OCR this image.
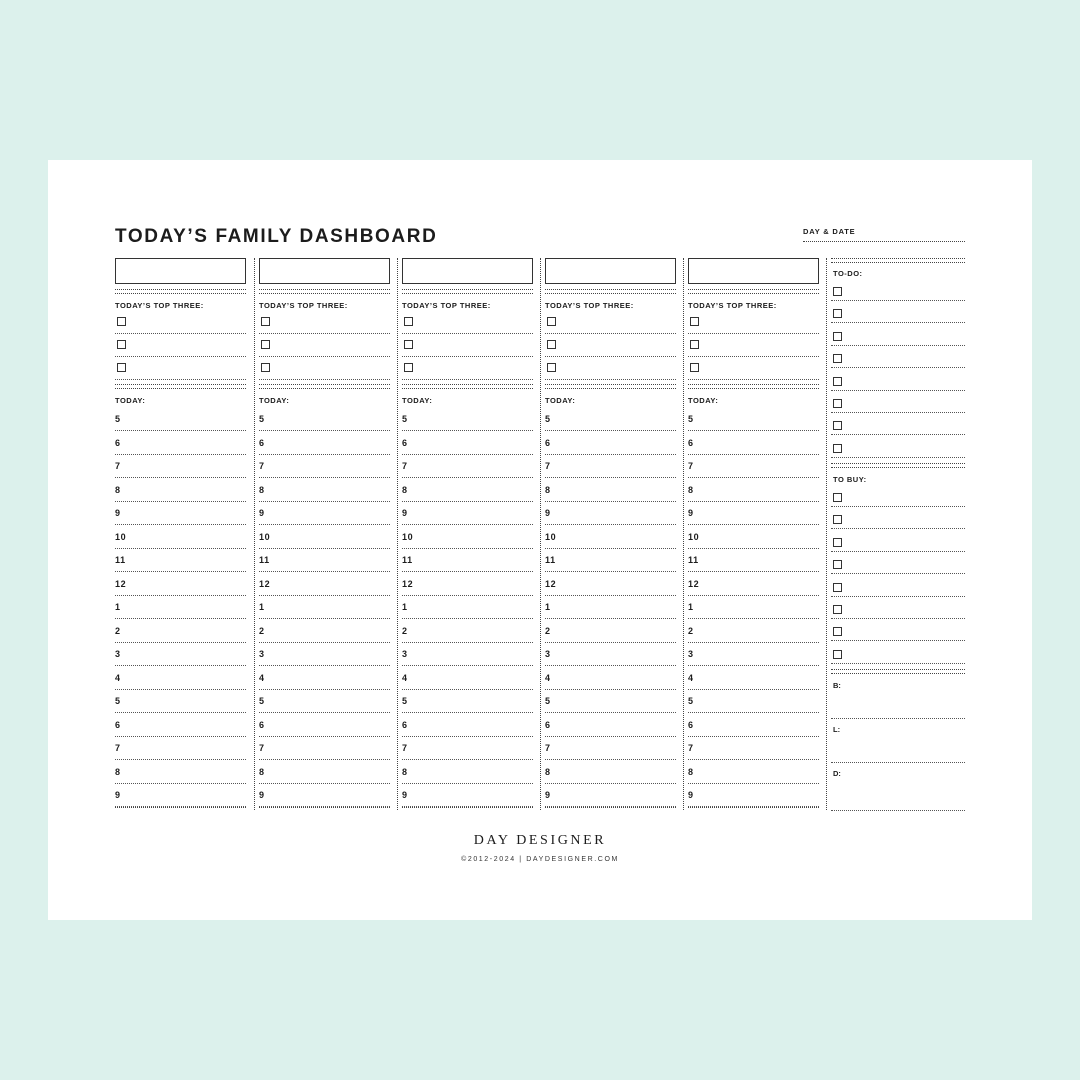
TODAY’S FAMILY DASHBOARD	DAY & DATE
TODAY’S TOP THREE:
TODAY:
5
6
7
8
9
10
11
12
1
2
3
4
5
6
7
8
9
TODAY’S TOP THREE:
TODAY:
5
6
7
8
9
10
11
12
1
2
3
4
5
6
7
8
9
TODAY’S TOP THREE:
TODAY:
5
6
7
8
9
10
11
12
1
2
3
4
5
6
7
8
9
TODAY’S TOP THREE:
TODAY:
5
6
7
8
9
10
11
12
1
2
3
4
5
6
7
8
9
TODAY’S TOP THREE:
TODAY:
5
6
7
8
9
10
11
12
1
2
3
4
5
6
7
8
9
TO-DO:
TO BUY:
B:
L:
D:
DAY DESIGNER
©2012-2024 | DAYDESIGNER.COM
